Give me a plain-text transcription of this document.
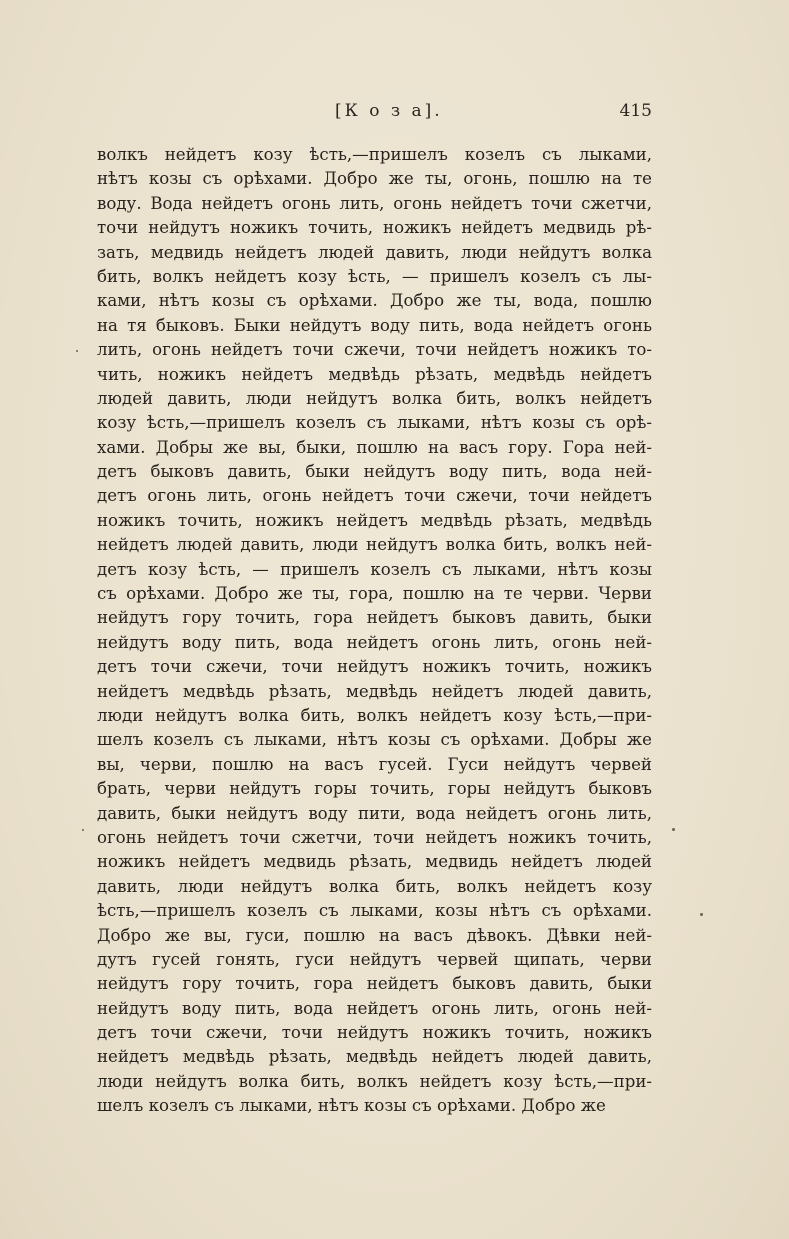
[К о з а].	415
волкъ нейдетъ козу ѣсть,—пришелъ козелъ съ лыками,
нѣтъ козы съ орѣхами. Добро же ты, огонь, пошлю на те
воду. Вода нейдетъ огонь лить, огонь нейдетъ точи сжетчи,
точи нейдутъ ножикъ точить, ножикъ нейдетъ медвидь рѣ-
зать, медвидь нейдетъ людей давить, люди нейдутъ волка
бить, волкъ нейдетъ козу ѣсть, — пришелъ козелъ съ лы-
ками, нѣтъ козы съ орѣхами. Добро же ты, вода, пошлю
на тя быковъ. Быки нейдутъ воду пить, вода нейдетъ огонь
лить, огонь нейдетъ точи сжечи, точи нейдетъ ножикъ то-
чить, ножикъ нейдетъ медвѣдь рѣзать, медвѣдь нейдетъ
людей давить, люди нейдутъ волка бить, волкъ нейдетъ
козу ѣсть,—пришелъ козелъ съ лыками, нѣтъ козы съ орѣ-
хами. Добры же вы, быки, пошлю на васъ гору. Гора ней-
детъ быковъ давить, быки нейдутъ воду пить, вода ней-
детъ огонь лить, огонь нейдетъ точи сжечи, точи нейдетъ
ножикъ точить, ножикъ нейдетъ медвѣдь рѣзать, медвѣдь
нейдетъ людей давить, люди нейдутъ волка бить, волкъ ней-
детъ козу ѣсть, — пришелъ козелъ съ лыками, нѣтъ козы
съ орѣхами. Добро же ты, гора, пошлю на те черви. Черви
нейдутъ гору точить, гора нейдетъ быковъ давить, быки
нейдутъ воду пить, вода нейдетъ огонь лить, огонь ней-
детъ точи сжечи, точи нейдутъ ножикъ точить, ножикъ
нейдетъ медвѣдь рѣзать, медвѣдь нейдетъ людей давить,
люди нейдутъ волка бить, волкъ нейдетъ козу ѣсть,—при-
шелъ козелъ съ лыками, нѣтъ козы съ орѣхами. Добры же
вы, черви, пошлю на васъ гусей. Гуси нейдутъ червей
брать, черви нейдутъ горы точить, горы нейдутъ быковъ
давить, быки нейдутъ воду пити, вода нейдетъ огонь лить,
огонь нейдетъ точи сжетчи, точи нейдетъ ножикъ точить,
ножикъ нейдетъ медвидь рѣзать, медвидь нейдетъ людей
давить, люди нейдутъ волка бить, волкъ нейдетъ козу
ѣсть,—пришелъ козелъ съ лыками, козы нѣтъ съ орѣхами.
Добро же вы, гуси, пошлю на васъ дѣвокъ. Дѣвки ней-
дутъ гусей гонять, гуси нейдутъ червей щипать, черви
нейдутъ гору точить, гора нейдетъ быковъ давить, быки
нейдутъ воду пить, вода нейдетъ огонь лить, огонь ней-
детъ точи сжечи, точи нейдутъ ножикъ точить, ножикъ
нейдетъ медвѣдь рѣзать, медвѣдь нейдетъ людей давить,
люди нейдутъ волка бить, волкъ нейдетъ козу ѣсть,—при-
шелъ козелъ съ лыками, нѣтъ козы съ орѣхами. Добро же
